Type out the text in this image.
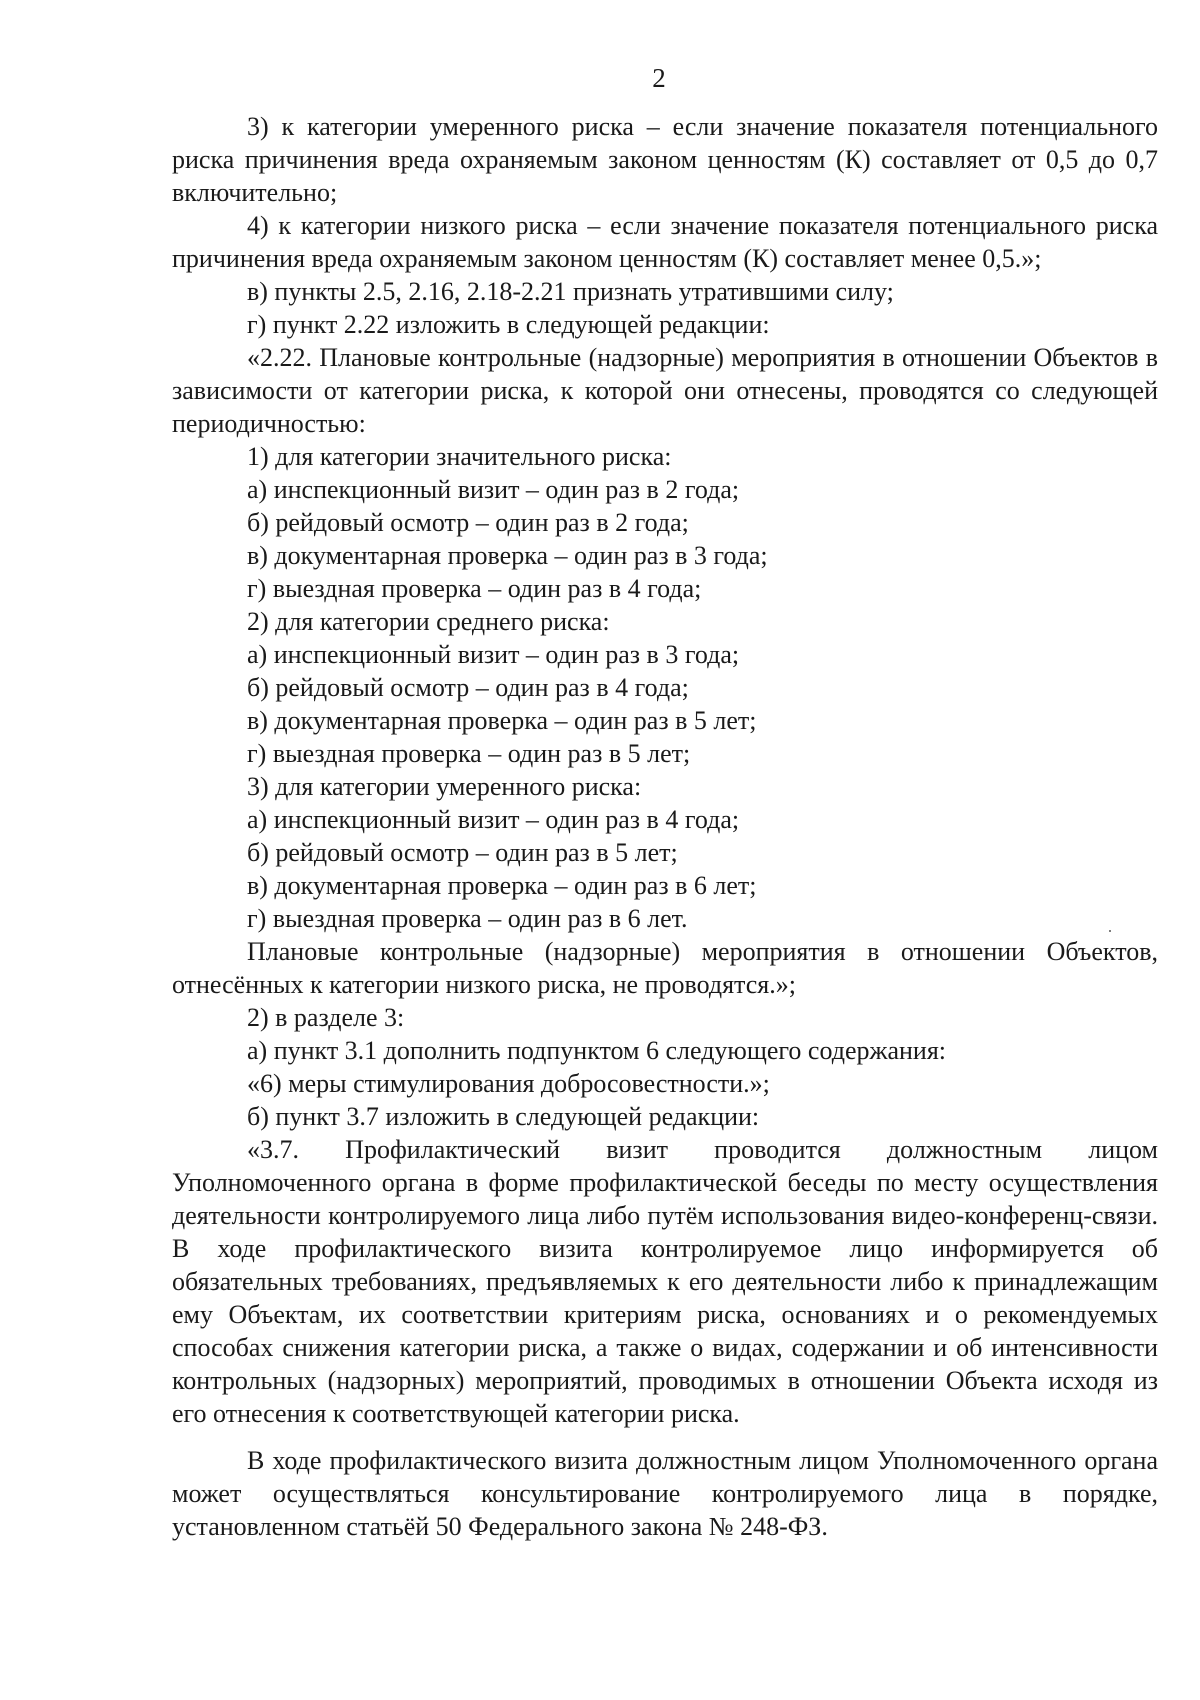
2

3) к категории умеренного риска – если значение показателя потенциального риска причинения вреда охраняемым законом ценностям (К) составляет от 0,5 до 0,7 включительно;

4) к категории низкого риска – если значение показателя потенциального риска причинения вреда охраняемым законом ценностям (К) составляет менее 0,5.»;

в) пункты 2.5, 2.16, 2.18-2.21 признать утратившими силу;

г) пункт 2.22 изложить в следующей редакции:

«2.22. Плановые контрольные (надзорные) мероприятия в отношении Объектов в зависимости от категории риска, к которой они отнесены, проводятся со следующей периодичностью:

1) для категории значительного риска:

а) инспекционный визит – один раз в 2 года;

б) рейдовый осмотр – один раз в 2 года;

в) документарная проверка – один раз в 3 года;

г) выездная проверка – один раз в 4 года;

2) для категории среднего риска:

а) инспекционный визит – один раз в 3 года;

б) рейдовый осмотр – один раз в 4 года;

в) документарная проверка – один раз в 5 лет;

г) выездная проверка – один раз в 5 лет;

3) для категории умеренного риска:

а) инспекционный визит – один раз в 4 года;

б) рейдовый осмотр – один раз в 5 лет;

в) документарная проверка – один раз в 6 лет;

г) выездная проверка – один раз в 6 лет.

Плановые контрольные (надзорные) мероприятия в отношении Объектов, отнесённых к категории низкого риска, не проводятся.»;

2) в разделе 3:

а) пункт 3.1 дополнить подпунктом 6 следующего содержания:

«6) меры стимулирования добросовестности.»;

б) пункт 3.7 изложить в следующей редакции:

«3.7. Профилактический визит проводится должностным лицом Уполномоченного органа в форме профилактической беседы по месту осуществления деятельности контролируемого лица либо путём использования видео-конференц-связи. В ходе профилактического визита контролируемое лицо информируется об обязательных требованиях, предъявляемых к его деятельности либо к принадлежащим ему Объектам, их соответствии критериям риска, основаниях и о рекомендуемых способах снижения категории риска, а также о видах, содержании и об интенсивности контрольных (надзорных) мероприятий, проводимых в отношении Объекта исходя из его отнесения к соответствующей категории риска.

В ходе профилактического визита должностным лицом Уполномоченного органа может осуществляться консультирование контролируемого лица в порядке, установленном статьёй 50 Федерального закона № 248-ФЗ.
